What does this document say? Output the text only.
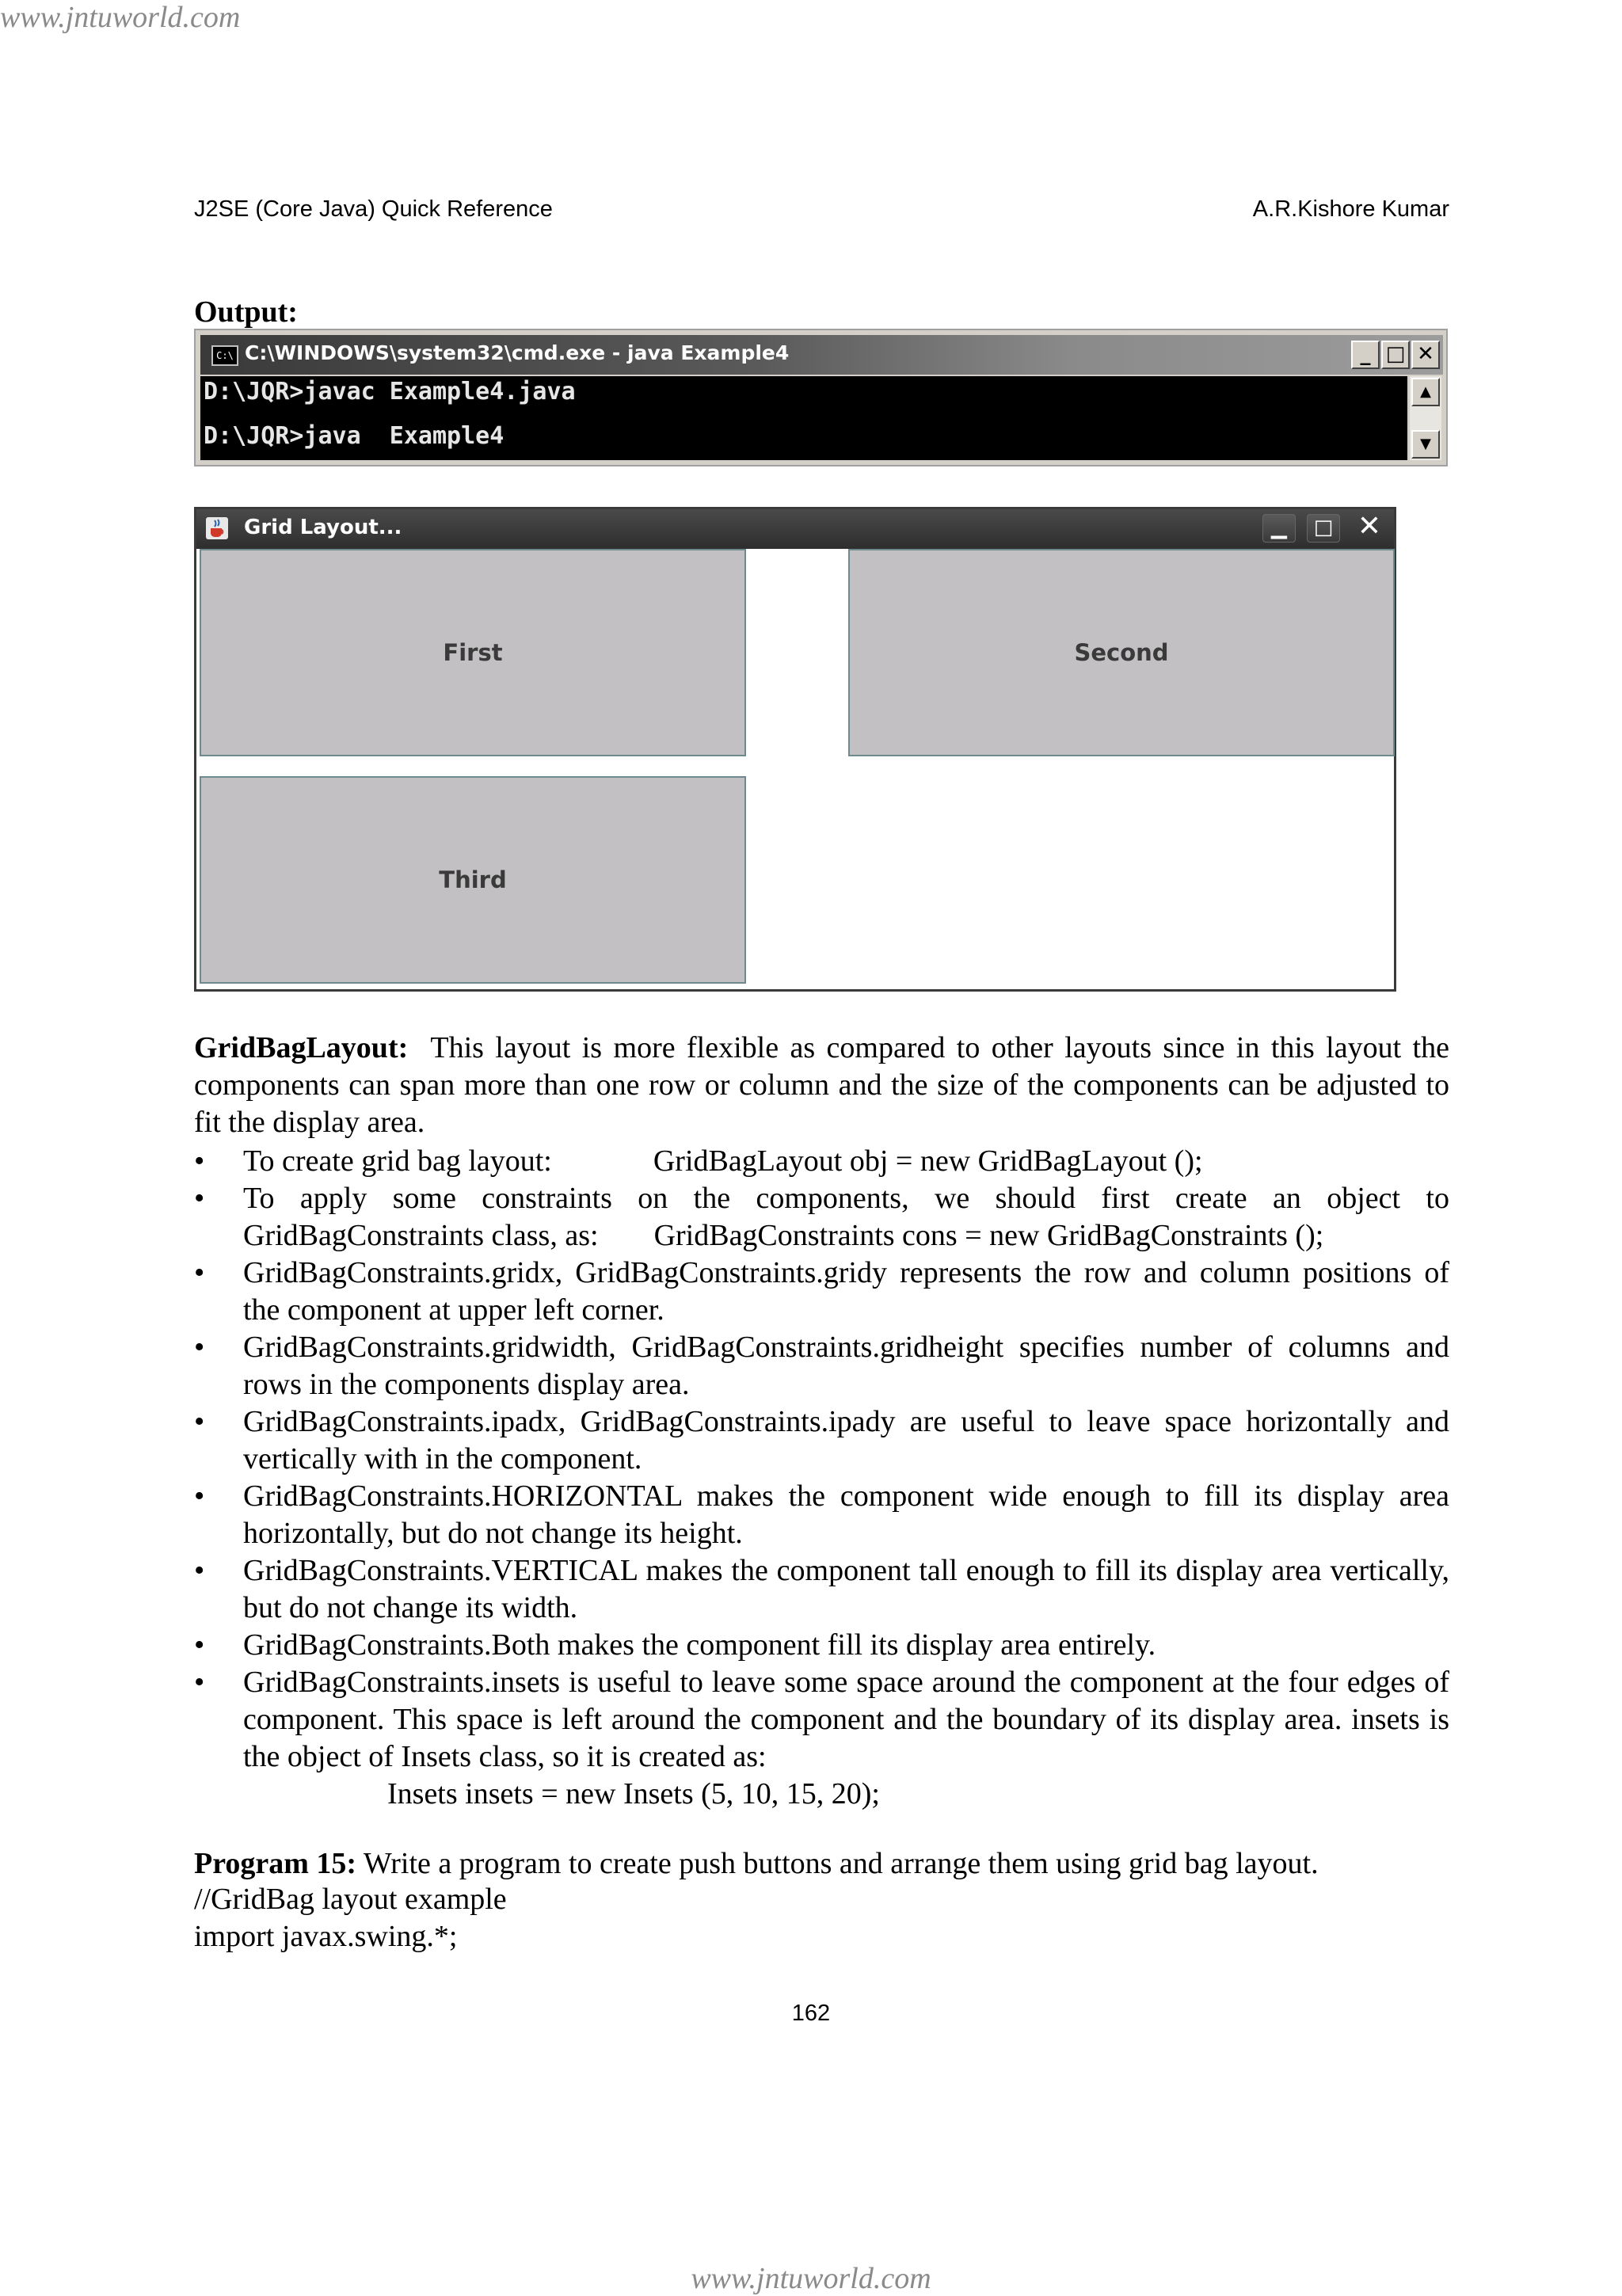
www.jntuworld.com
J2SE (Core Java) Quick Reference	A.R.Kishore Kumar
Output:
C:\ C:\WINDOWS\system32\cmd.exe - java Example4	_ □ ✕
D:\JQR>javac Example4.java
D:\JQR>java  Example4
▲
▼
Grid Layout...	▁	□ ✕
First	Second
Third
GridBagLayout: This layout is more flexible as compared to other layouts since in this layout the components can span more than one row or column and the size of the components can be adjusted to fit the display area.
• To create grid bag layout:	GridBagLayout obj = new GridBagLayout ();
• To apply some constraints on the components, we should first create an object to GridBagConstraints class, as: GridBagConstraints cons = new GridBagConstraints ();
• GridBagConstraints.gridx, GridBagConstraints.gridy represents the row and column positions of the component at upper left corner.
• GridBagConstraints.gridwidth, GridBagConstraints.gridheight specifies number of columns and rows in the components display area.
• GridBagConstraints.ipadx, GridBagConstraints.ipady are useful to leave space horizontally and vertically with in the component.
• GridBagConstraints.HORIZONTAL makes the component wide enough to fill its display area horizontally, but do not change its height.
• GridBagConstraints.VERTICAL makes the component tall enough to fill its display area vertically, but do not change its width.
• GridBagConstraints.Both makes the component fill its display area entirely.
• GridBagConstraints.insets is useful to leave some space around the component at the four edges of component. This space is left around the component and the boundary of its display area. insets is the object of Insets class, so it is created as:
Insets insets = new Insets (5, 10, 15, 20);
Program 15: Write a program to create push buttons and arrange them using grid bag layout.
//GridBag layout example
import javax.swing.*;
162
www.jntuworld.com
